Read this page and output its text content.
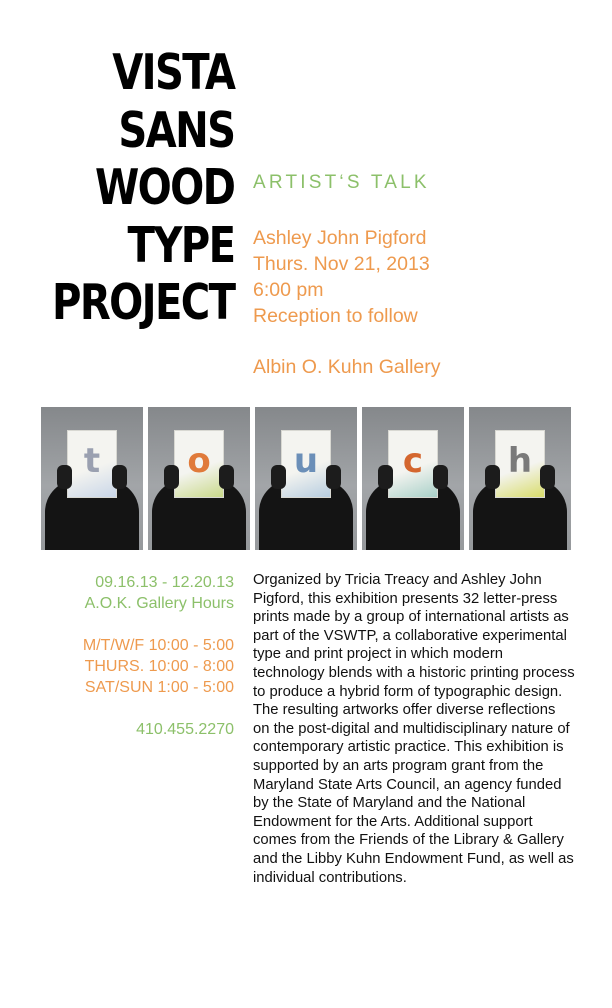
VISTA
SANS
WOOD
TYPE
PROJECT
ARTIST‘S TALK
Ashley John Pigford
Thurs. Nov 21, 2013
6:00 pm
Reception to follow
Albin O. Kuhn Gallery
t	o	u	c	h
09.16.13 - 12.20.13
A.O.K. Gallery Hours
M/T/W/F 10:00 - 5:00
THURS. 10:00 - 8:00
SAT/SUN 1:00 - 5:00
410.455.2270
Organized by Tricia Treacy and Ashley John Pigford, this exhibition presents 32 letter-press prints made by a group of international artists as part of the VSWTP, a collaborative experimental type and print project in which modern technology blends with a historic printing process to produce a hybrid form of typographic design. The resulting artworks offer diverse reflections on the post-digital and multidisciplinary nature of contemporary artistic practice. This exhibition is supported by an arts program grant from the Maryland State Arts Council, an agency funded by the State of Maryland and the National Endowment for the Arts. Additional support comes from the Friends of the Library & Gallery and the Libby Kuhn Endowment Fund, as well as individual contributions.
